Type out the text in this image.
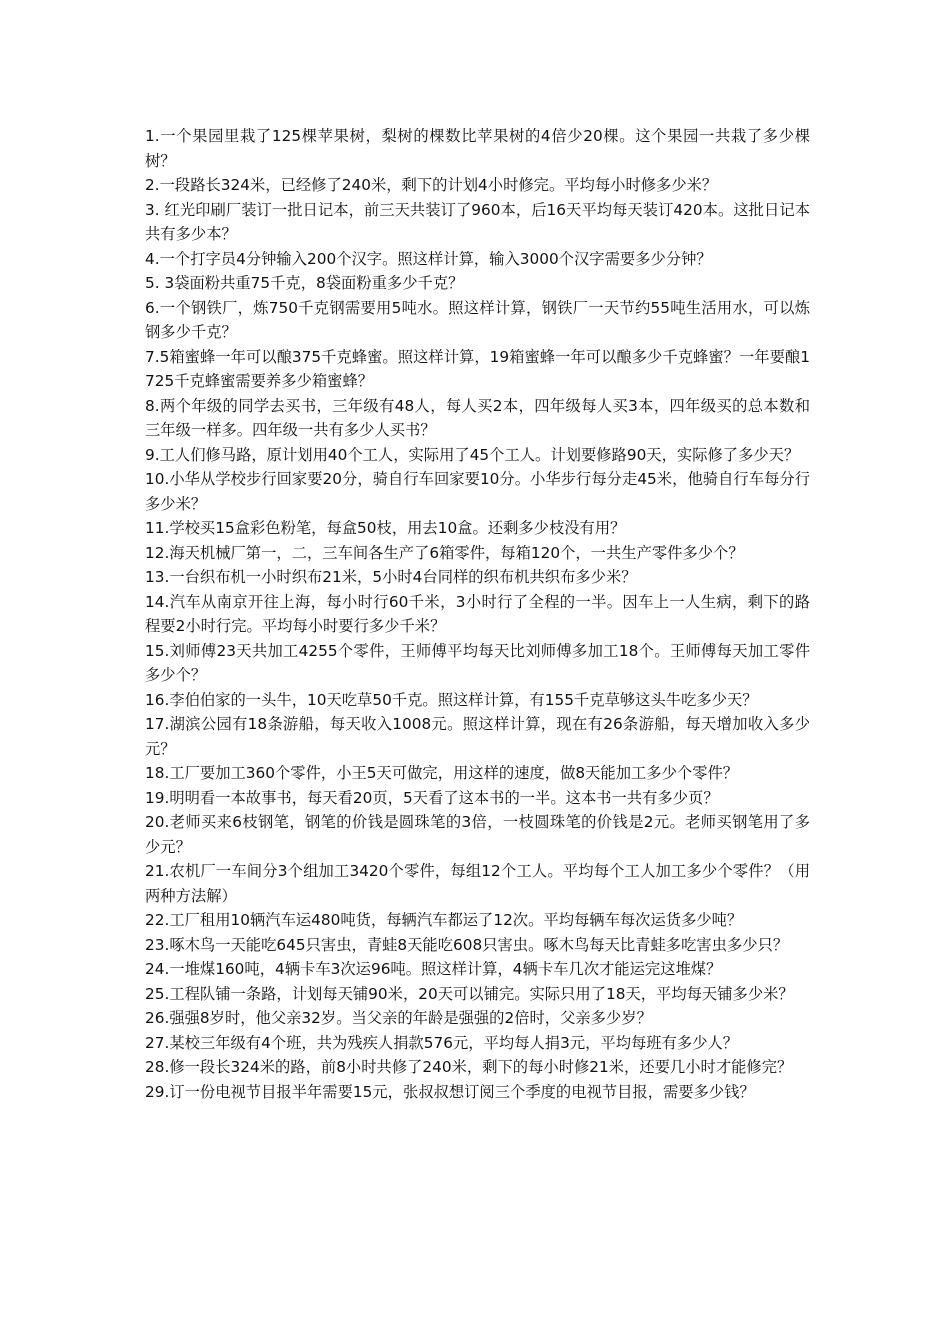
1.一个果园里栽了125棵苹果树，梨树的棵数比苹果树的4倍少20棵。这个果园一共栽了多少棵树？

2.一段路长324米，已经修了240米，剩下的计划4小时修完。平均每小时修多少米？

3. 红光印刷厂装订一批日记本，前三天共装订了960本，后16天平均每天装订420本。这批日记本共有多少本？

4.一个打字员4分钟输入200个汉字。照这样计算，输入3000个汉字需要多少分钟？

5. 3袋面粉共重75千克，8袋面粉重多少千克？

6.一个钢铁厂，炼750千克钢需要用5吨水。照这样计算，钢铁厂一天节约55吨生活用水，可以炼钢多少千克？

7.5箱蜜蜂一年可以酿375千克蜂蜜。照这样计算，19箱蜜蜂一年可以酿多少千克蜂蜜？一年要酿1725千克蜂蜜需要养多少箱蜜蜂？

8.两个年级的同学去买书，三年级有48人，每人买2本，四年级每人买3本，四年级买的总本数和三年级一样多。四年级一共有多少人买书？

9.工人们修马路，原计划用40个工人，实际用了45个工人。计划要修路90天，实际修了多少天？

10.小华从学校步行回家要20分，骑自行车回家要10分。小华步行每分走45米，他骑自行车每分行多少米？

11.学校买15盒彩色粉笔，每盒50枝，用去10盒。还剩多少枝没有用？

12.海天机械厂第一，二，三车间各生产了6箱零件，每箱120个，一共生产零件多少个？

13.一台织布机一小时织布21米，5小时4台同样的织布机共织布多少米？

14.汽车从南京开往上海，每小时行60千米，3小时行了全程的一半。因车上一人生病，剩下的路程要2小时行完。平均每小时要行多少千米？

15.刘师傅23天共加工4255个零件，王师傅平均每天比刘师傅多加工18个。王师傅每天加工零件多少个？

16.李伯伯家的一头牛，10天吃草50千克。照这样计算，有155千克草够这头牛吃多少天？

17.湖滨公园有18条游船，每天收入1008元。照这样计算，现在有26条游船，每天增加收入多少元？

18.工厂要加工360个零件，小王5天可做完，用这样的速度，做8天能加工多少个零件？

19.明明看一本故事书，每天看20页，5天看了这本书的一半。这本书一共有多少页？

20.老师买来6枝钢笔，钢笔的价钱是圆珠笔的3倍，一枝圆珠笔的价钱是2元。老师买钢笔用了多少元？

21.农机厂一车间分3个组加工3420个零件，每组12个工人。平均每个工人加工多少个零件？（用两种方法解）

22.工厂租用10辆汽车运480吨货，每辆汽车都运了12次。平均每辆车每次运货多少吨？

23.啄木鸟一天能吃645只害虫，青蛙8天能吃608只害虫。啄木鸟每天比青蛙多吃害虫多少只？

24.一堆煤160吨，4辆卡车3次运96吨。照这样计算，4辆卡车几次才能运完这堆煤？

25.工程队铺一条路，计划每天铺90米，20天可以铺完。实际只用了18天，平均每天铺多少米？

26.强强8岁时，他父亲32岁。当父亲的年龄是强强的2倍时，父亲多少岁？

27.某校三年级有4个班，共为残疾人捐款576元，平均每人捐3元，平均每班有多少人？

28.修一段长324米的路，前8小时共修了240米，剩下的每小时修21米，还要几小时才能修完？

29.订一份电视节目报半年需要15元，张叔叔想订阅三个季度的电视节目报，需要多少钱？
